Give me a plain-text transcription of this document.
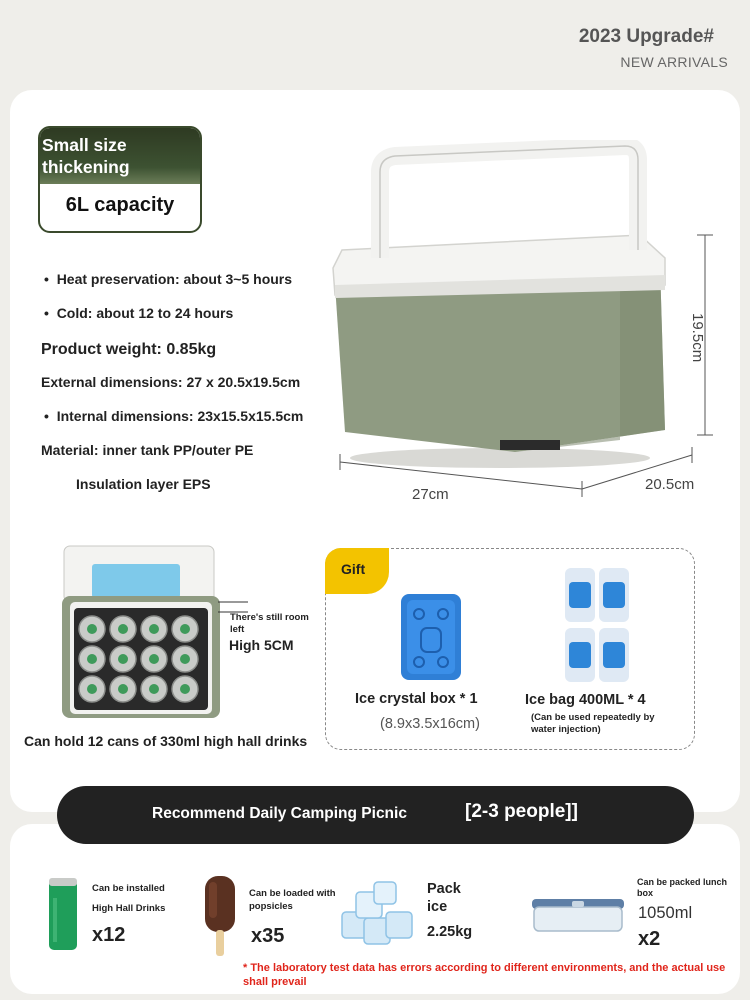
2023 Upgrade#
NEW ARRIVALS
Small size
thickening
6L capacity
•  Heat preservation: about 3~5 hours
•  Cold: about 12 to 24 hours
Product weight: 0.85kg
External dimensions: 27 x 20.5x19.5cm
•  Internal dimensions: 23x15.5x15.5cm
Material: inner tank PP/outer PE
Insulation layer EPS
19.5cm
27cm
20.5cm
There's still room left
High 5CM
Can hold 12 cans of 330ml high hall drinks
Gift
Ice crystal box * 1
(8.9x3.5x16cm)
Ice bag 400ML * 4
(Can be used repeatedly by water injection)
Recommend Daily Camping Picnic	[2-3 people]]
Can be installed
High Hall Drinks
x12
Can be loaded with popsicles
x35
Pack
ice
2.25kg
Can be packed lunch box
1050ml
x2
* The laboratory test data has errors according to different environments, and the actual use shall prevail
